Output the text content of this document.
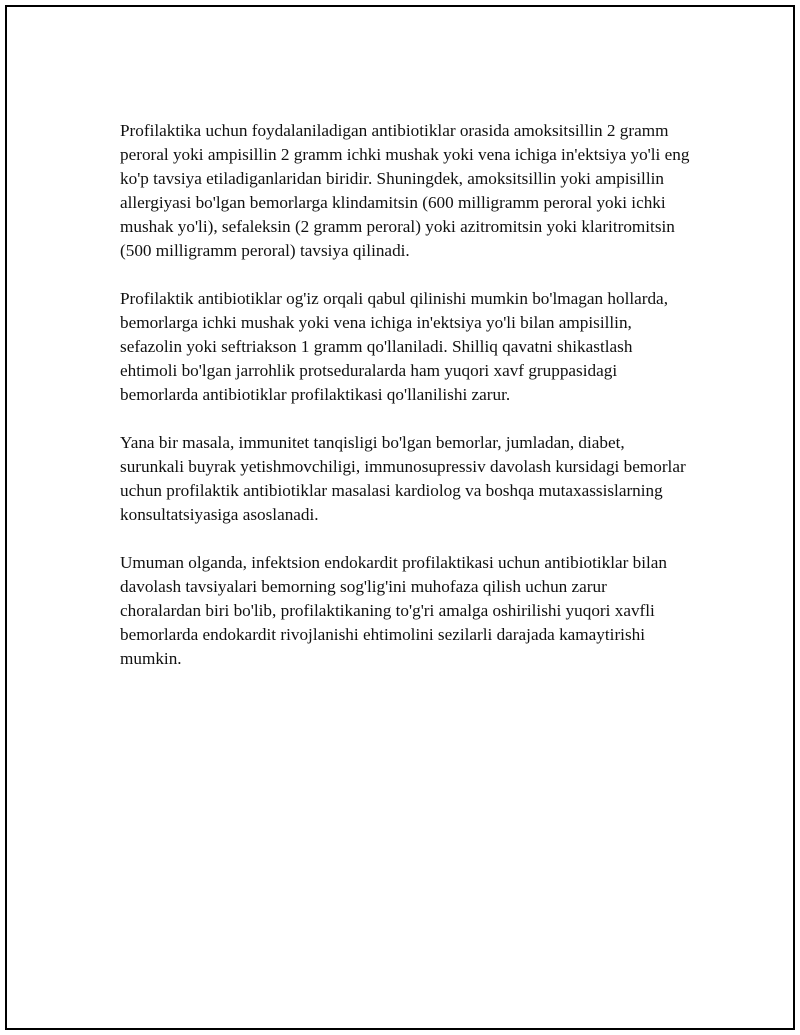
Profilaktika uchun foydalaniladigan antibiotiklar orasida amoksitsillin 2 gramm peroral yoki ampisillin 2 gramm ichki mushak yoki vena ichiga in'ektsiya yo'li eng ko'p tavsiya etiladiganlaridan biridir. Shuningdek, amoksitsillin yoki ampisillin allergiyasi bo'lgan bemorlarga klindamitsin (600 milligramm peroral yoki ichki mushak yo'li), sefaleksin (2 gramm peroral) yoki azitromitsin yoki klaritromitsin (500 milligramm peroral) tavsiya qilinadi.

Profilaktik antibiotiklar og'iz orqali qabul qilinishi mumkin bo'lmagan hollarda, bemorlarga ichki mushak yoki vena ichiga in'ektsiya yo'li bilan ampisillin, sefazolin yoki seftriakson 1 gramm qo'llaniladi. Shilliq qavatni shikastlash ehtimoli bo'lgan jarrohlik protseduralarda ham yuqori xavf gruppasidagi bemorlarda antibiotiklar profilaktikasi qo'llanilishi zarur.

Yana bir masala, immunitet tanqisligi bo'lgan bemorlar, jumladan, diabet, surunkali buyrak yetishmovchiligi, immunosupressiv davolash kursidagi bemorlar uchun profilaktik antibiotiklar masalasi kardiolog va boshqa mutaxassislarning konsultatsiyasiga asoslanadi.

Umuman olganda, infektsion endokardit profilaktikasi uchun antibiotiklar bilan davolash tavsiyalari bemorning sog'lig'ini muhofaza qilish uchun zarur choralardan biri bo'lib, profilaktikaning to'g'ri amalga oshirilishi yuqori xavfli bemorlarda endokardit rivojlanishi ehtimolini sezilarli darajada kamaytirishi mumkin.
